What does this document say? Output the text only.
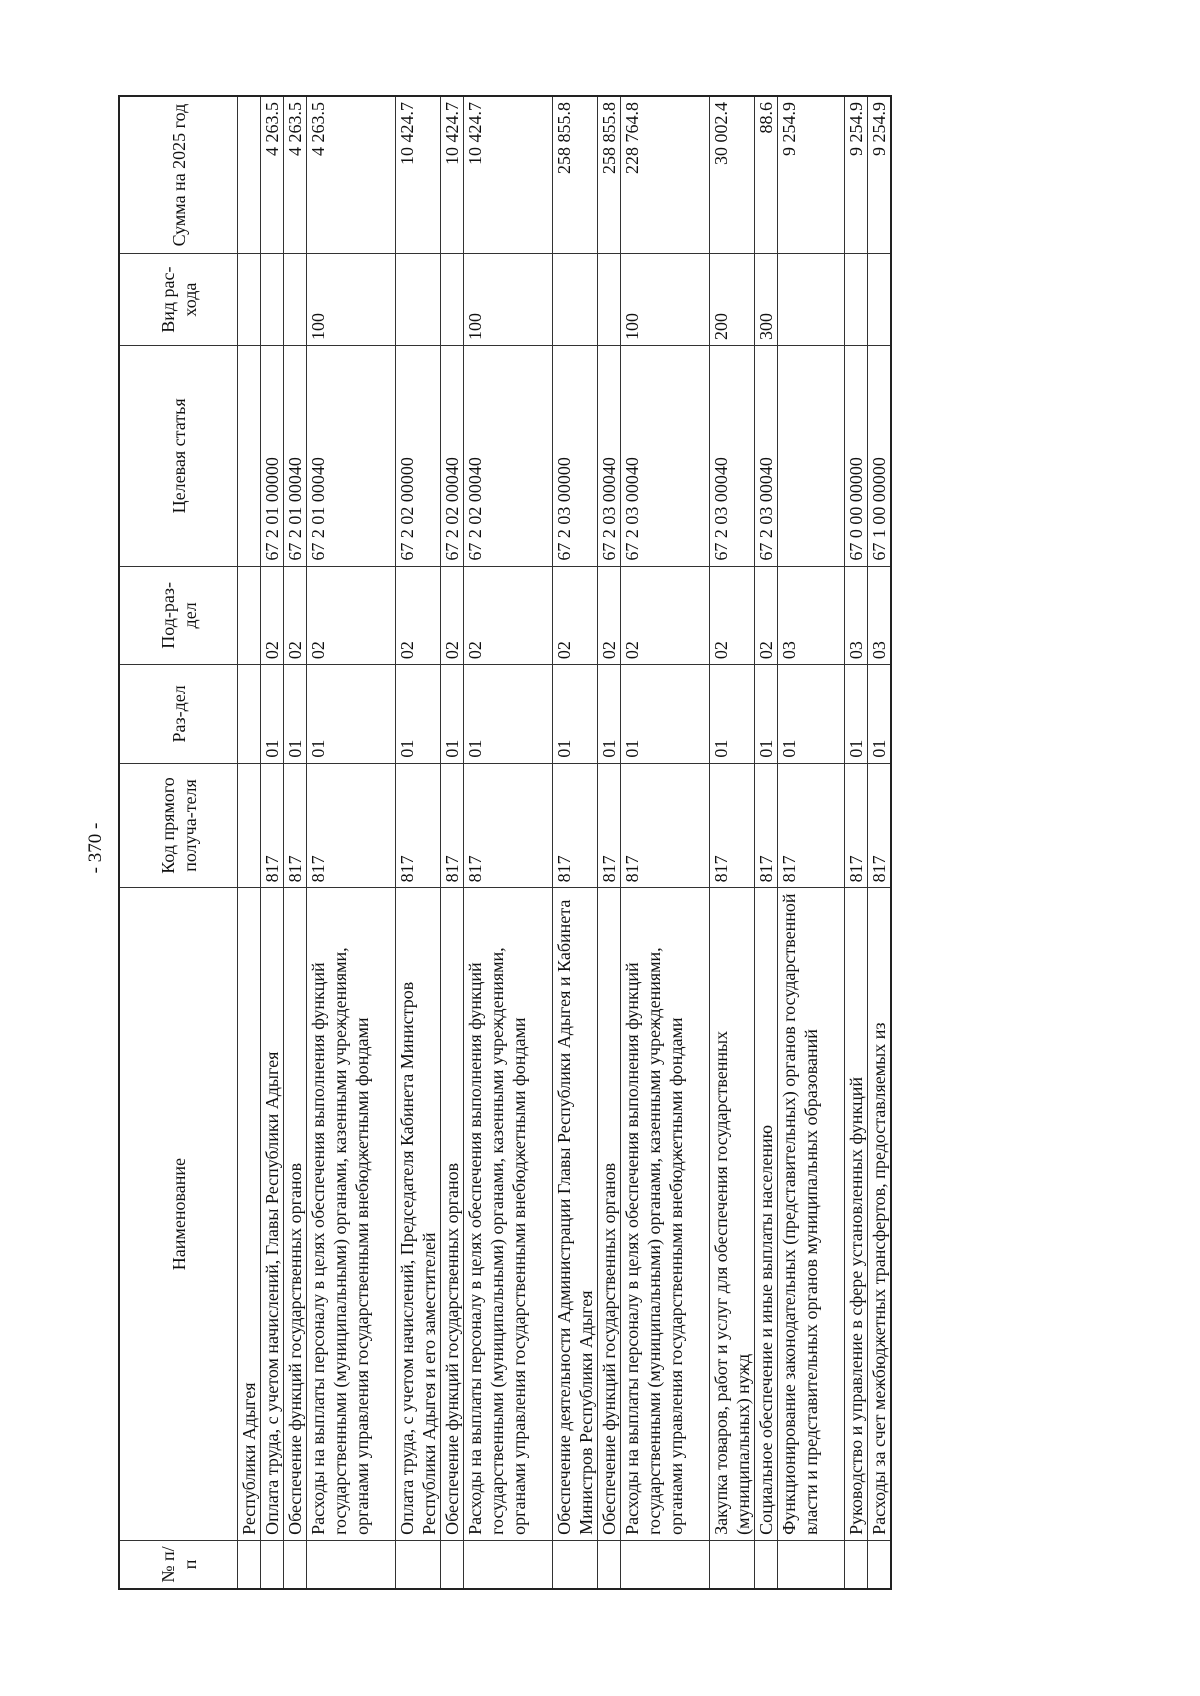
- 370 -
№ п/п	Наименование	Код прямого получа-теля	Раз-дел	Под-раз-дел	Целевая статья	Вид рас-хода	Сумма на 2025 год
	Республики Адыгея						
	Оплата труда, с учетом начислений, Главы Республики Адыгея	817	01	02	67 2 01 00000		4 263.5
	Обеспечение функций государственных органов	817	01	02	67 2 01 00040		4 263.5
	Расходы на выплаты персоналу в целях обеспечения выполнения функций государственными (муниципальными) органами, казенными учреждениями, органами управления государственными внебюджетными фондами	817	01	02	67 2 01 00040	100	4 263.5
	Оплата труда, с учетом начислений, Председателя Кабинета Министров Республики Адыгея и его заместителей	817	01	02	67 2 02 00000		10 424.7
	Обеспечение функций государственных органов	817	01	02	67 2 02 00040		10 424.7
	Расходы на выплаты персоналу в целях обеспечения выполнения функций государственными (муниципальными) органами, казенными учреждениями, органами управления государственными внебюджетными фондами	817	01	02	67 2 02 00040	100	10 424.7
	Обеспечение деятельности Администрации Главы Республики Адыгея и Кабинета Министров Республики Адыгея	817	01	02	67 2 03 00000		258 855.8
	Обеспечение функций государственных органов	817	01	02	67 2 03 00040		258 855.8
	Расходы на выплаты персоналу в целях обеспечения выполнения функций государственными (муниципальными) органами, казенными учреждениями, органами управления государственными внебюджетными фондами	817	01	02	67 2 03 00040	100	228 764.8
	Закупка товаров, работ и услуг для обеспечения государственных (муниципальных) нужд	817	01	02	67 2 03 00040	200	30 002.4
	Социальное обеспечение и иные выплаты населению	817	01	02	67 2 03 00040	300	88.6
	Функционирование законодательных (представительных) органов государственной власти и представительных органов муниципальных образований	817	01	03			9 254.9
	Руководство и управление в сфере установленных функций	817	01	03	67 0 00 00000		9 254.9
	Расходы за счет межбюджетных трансфертов, предоставляемых из	817	01	03	67 1 00 00000		9 254.9
